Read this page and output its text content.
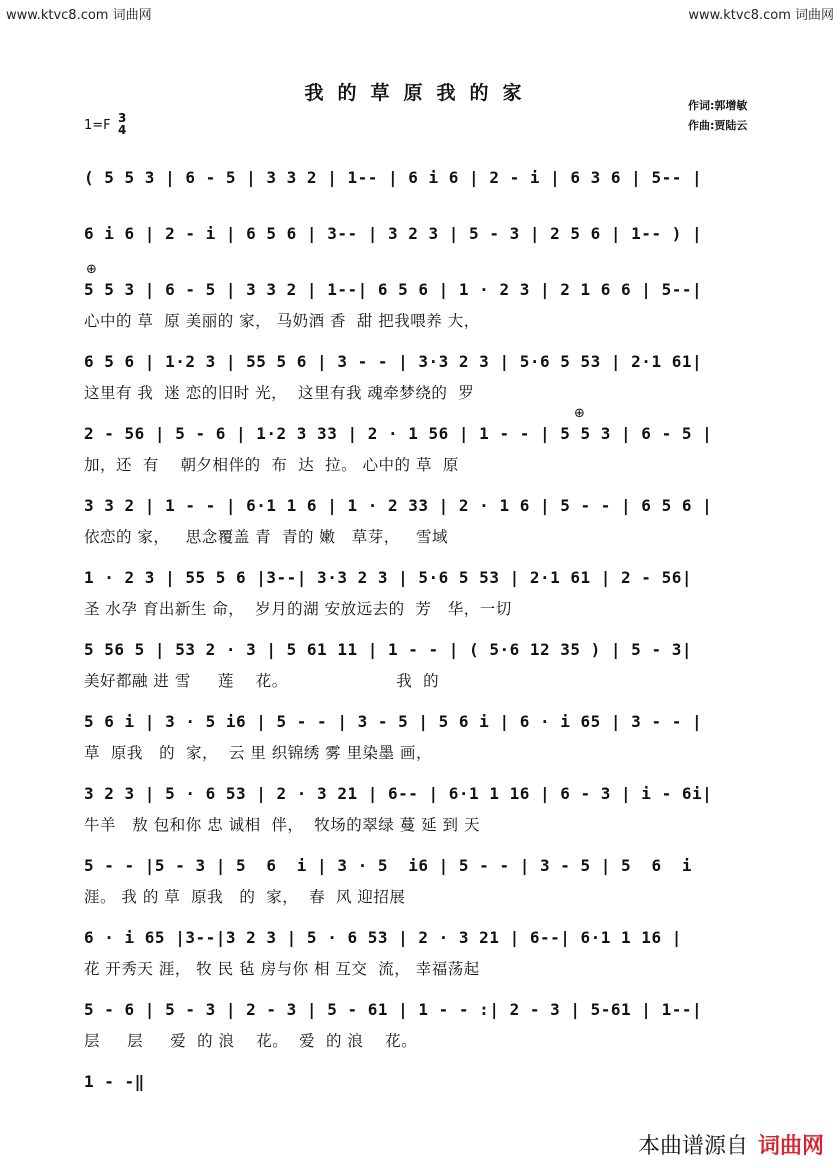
www.ktvc8.com 词曲网	www.ktvc8.com 词曲网
我的草原我的家
作词:郭增敏
作曲:贾陆云
1=F 3
4
⊕
⊕
( 5 5 3 | 6 - 5 | 3 3 2 | 1-- | 6 i 6 | 2 - i | 6 3 6 | 5-- |
6 i 6 | 2 - i | 6 5 6 | 3-- | 3 2 3 | 5 - 3 | 2 5 6 | 1-- ) |
5 5 3 | 6 - 5 | 3 3 2 | 1--| 6 5 6 | 1 · 2 3 | 2 1 6 6 | 5--|
心中的 草  原 美丽的 家， 马奶酒 香  甜 把我喂养 大，
6 5 6 | 1·2 3 | 55 5 6 | 3 - - | 3·3 2 3 | 5·6 5 53 | 2·1 61|
这里有 我  迷 恋的旧时 光，  这里有我 魂牵梦绕的  罗
2 - 56 | 5 - 6 | 1·2 3 33 | 2 · 1 56 | 1 - - | 5 5 3 | 6 - 5 |
加，还  有    朝夕相伴的  布  达  拉。 心中的 草  原
3 3 2 | 1 - - | 6·1 1 6 | 1 · 2 33 | 2 · 1 6 | 5 - - | 6 5 6 |
依恋的 家，   思念覆盖 青  青的 嫩   草芽，   雪域
1 · 2 3 | 55 5 6 |3--| 3·3 2 3 | 5·6 5 53 | 2·1 61 | 2 - 56|
圣 水孕 育出新生 命，  岁月的湖 安放远去的  芳   华，一切
5 56 5 | 53 2 · 3 | 5 61 11 | 1 - - | ( 5·6 12 35 ) | 5 - 3|
美好都融 进 雪     莲    花。                    我  的
5 6 i | 3 · 5 i6 | 5 - - | 3 - 5 | 5 6 i | 6 · i 65 | 3 - - |
草  原我   的  家，  云 里 织锦绣 雾 里染墨 画，
3 2 3 | 5 · 6 53 | 2 · 3 21 | 6-- | 6·1 1 16 | 6 - 3 | i - 6i|
牛羊   敖 包和你 忠 诚相  伴，  牧场的翠绿 蔓 延 到 天
5 - - |5 - 3 | 5  6  i | 3 · 5  i6 | 5 - - | 3 - 5 | 5  6  i
涯。 我 的 草  原我   的  家，  春  风 迎招展
6 · i 65 |3--|3 2 3 | 5 · 6 53 | 2 · 3 21 | 6--| 6·1 1 16 |
花 开秀天 涯， 牧 民 毡 房与你 相 互交  流， 幸福荡起
5 - 6 | 5 - 3 | 2 - 3 | 5 - 61 | 1 - - :| 2 - 3 | 5-61 | 1--|
层     层     爱  的 浪    花。  爱  的 浪    花。
1 - -‖
本曲谱源自 词曲网
